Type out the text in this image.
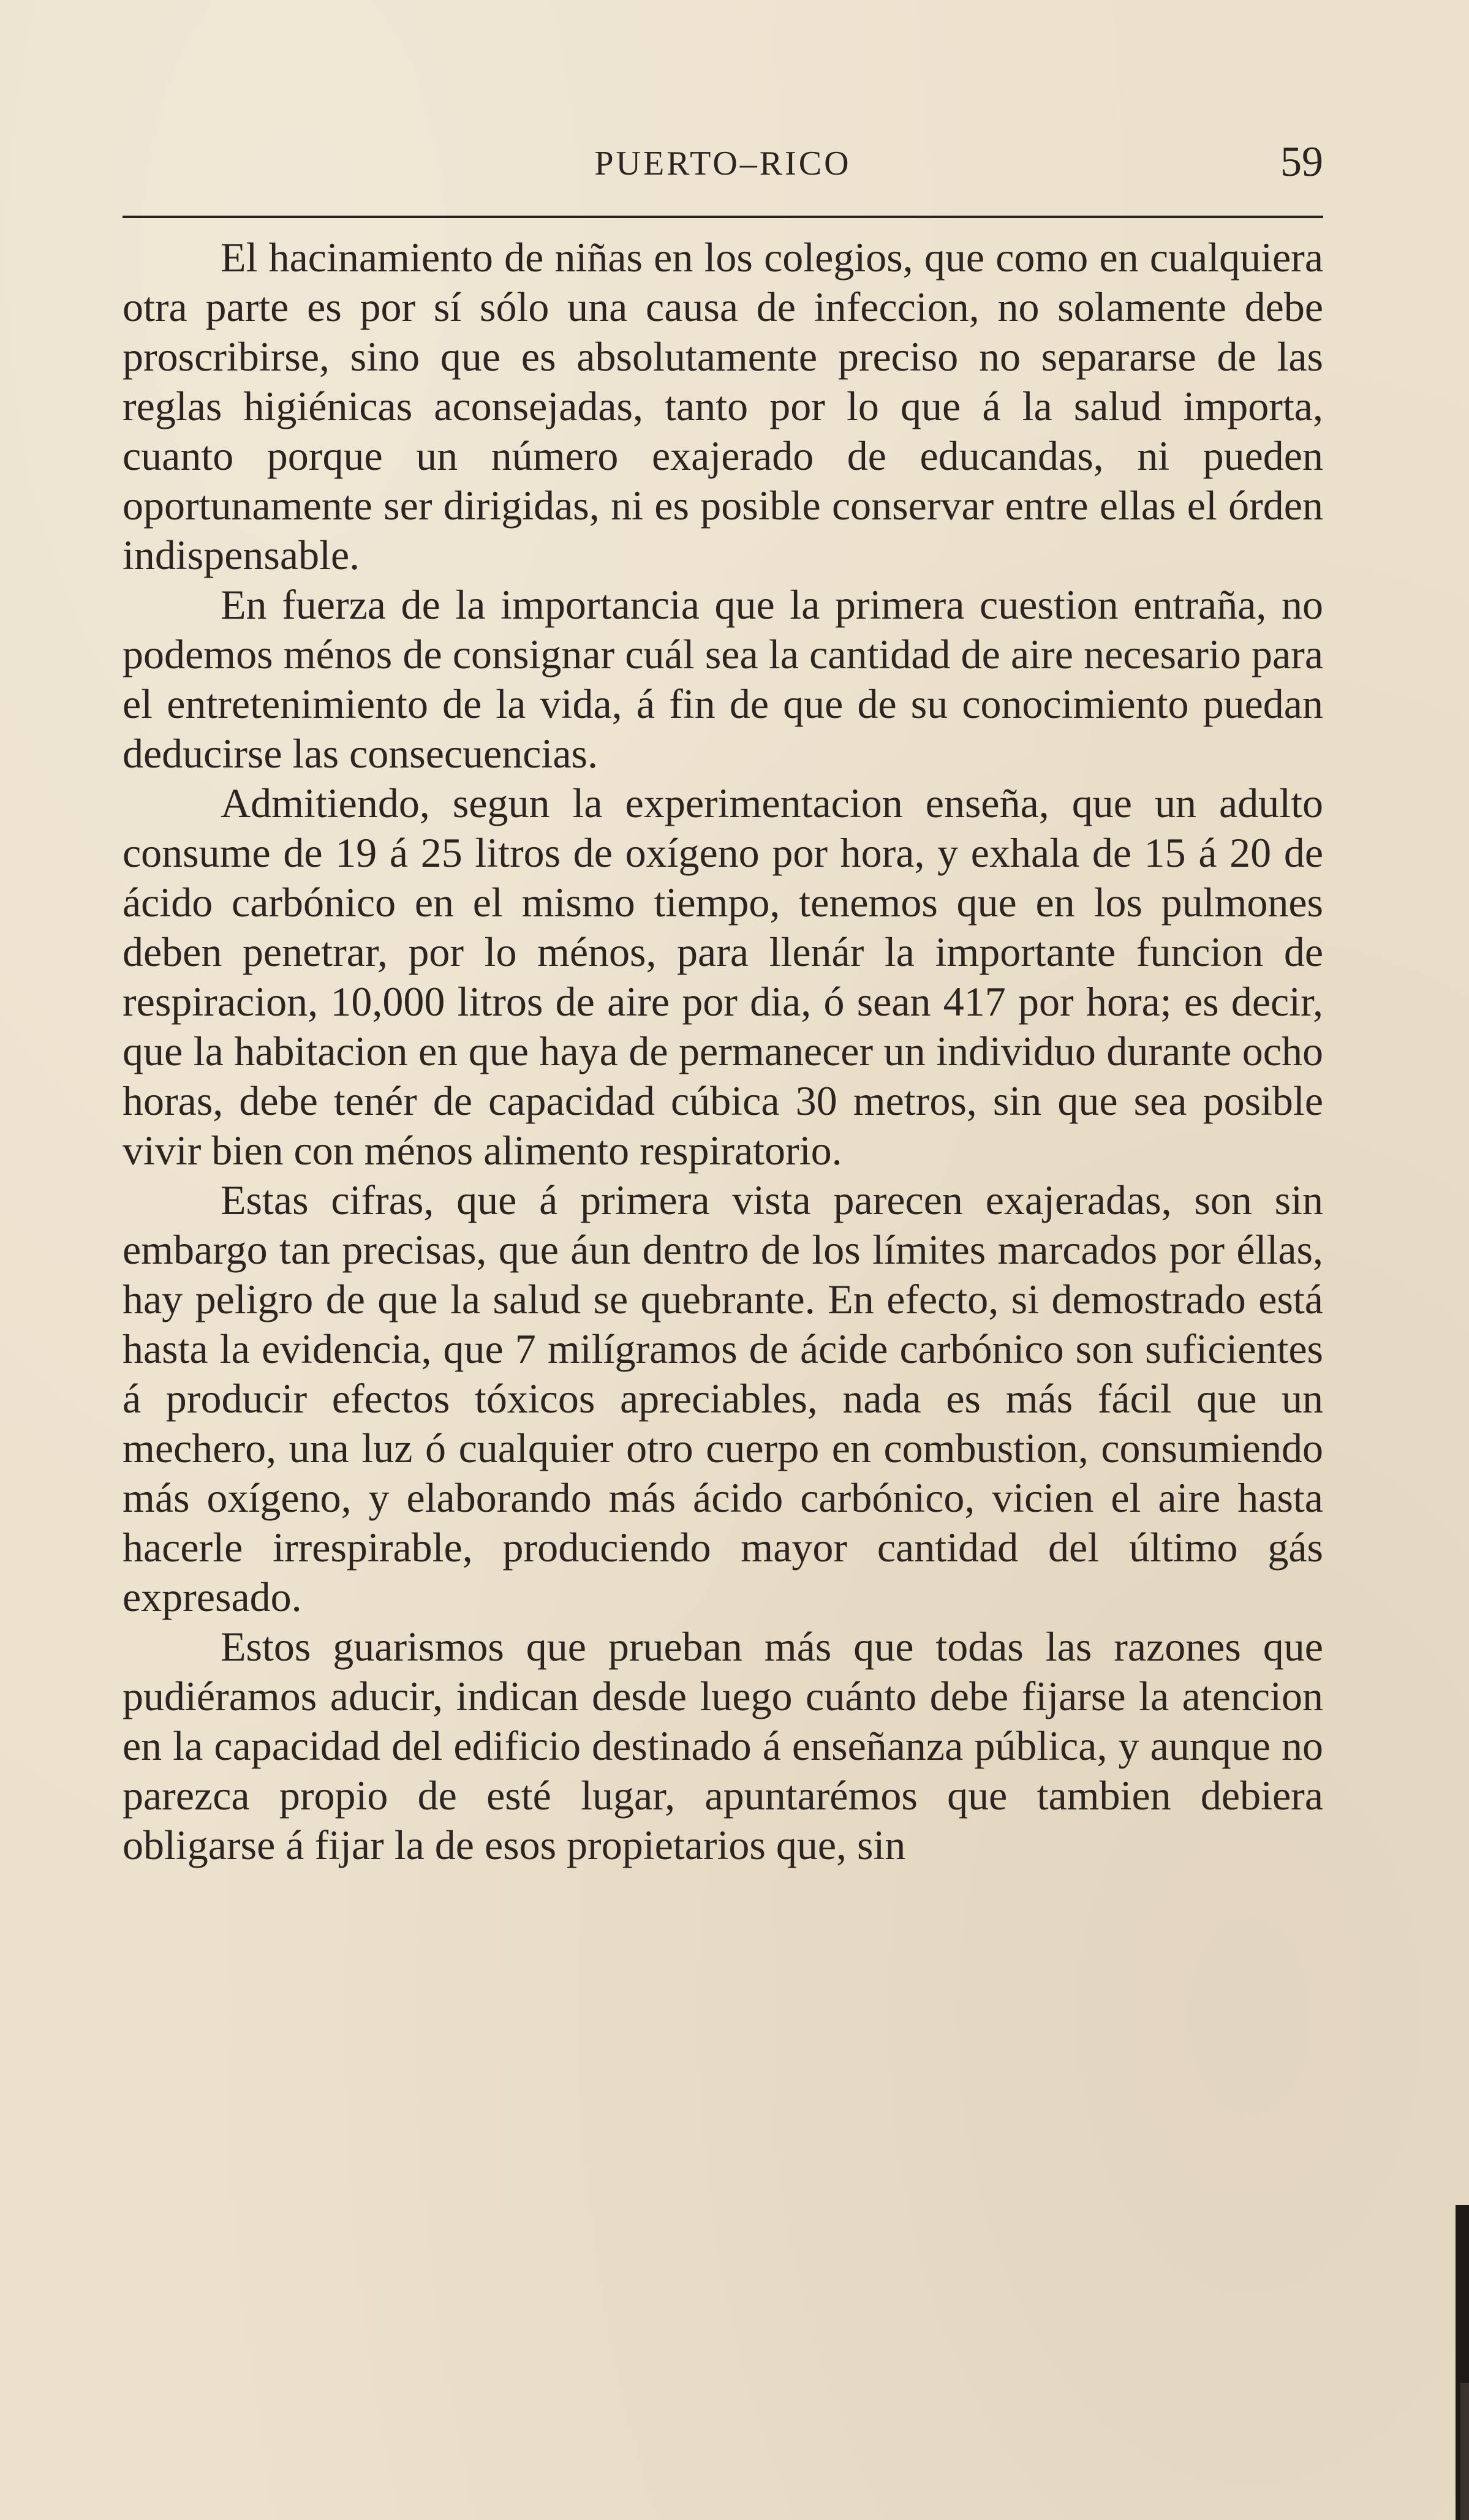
PUERTO–RICO	59

El hacinamiento de niñas en los colegios, que como en cualquiera otra parte es por sí sólo una causa de infeccion, no solamente debe proscribirse, sino que es absolutamente preciso no separarse de las reglas higiénicas aconsejadas, tanto por lo que á la salud importa, cuanto porque un número exajerado de educandas, ni pueden oportunamente ser dirigidas, ni es posible conservar entre ellas el órden indispensable.

En fuerza de la importancia que la primera cuestion entraña, no podemos ménos de consignar cuál sea la cantidad de aire necesario para el entretenimiento de la vida, á fin de que de su conocimiento puedan deducirse las consecuencias.

Admitiendo, segun la experimentacion enseña, que un adulto consume de 19 á 25 litros de oxígeno por hora, y exhala de 15 á 20 de ácido carbónico en el mismo tiempo, tenemos que en los pulmones deben penetrar, por lo ménos, para llenár la importante funcion de respiracion, 10,000 litros de aire por dia, ó sean 417 por hora; es decir, que la habitacion en que haya de permanecer un individuo durante ocho horas, debe tenér de capacidad cúbica 30 metros, sin que sea posible vivir bien con ménos alimento respiratorio.

Estas cifras, que á primera vista parecen exajeradas, son sin embargo tan precisas, que áun dentro de los límites marcados por éllas, hay peligro de que la salud se quebrante. En efecto, si demostrado está hasta la evidencia, que 7 milígramos de ácide carbónico son suficientes á producir efectos tóxicos apreciables, nada es más fácil que un mechero, una luz ó cualquier otro cuerpo en combustion, consumiendo más oxígeno, y elaborando más ácido carbónico, vicien el aire hasta hacerle irrespirable, produciendo mayor cantidad del último gás expresado.

Estos guarismos que prueban más que todas las razones que pudiéramos aducir, indican desde luego cuánto debe fijarse la atencion en la capacidad del edificio destinado á enseñanza pública, y aunque no parezca propio de esté lugar, apuntarémos que tambien debiera obligarse á fijar la de esos propietarios que, sin
